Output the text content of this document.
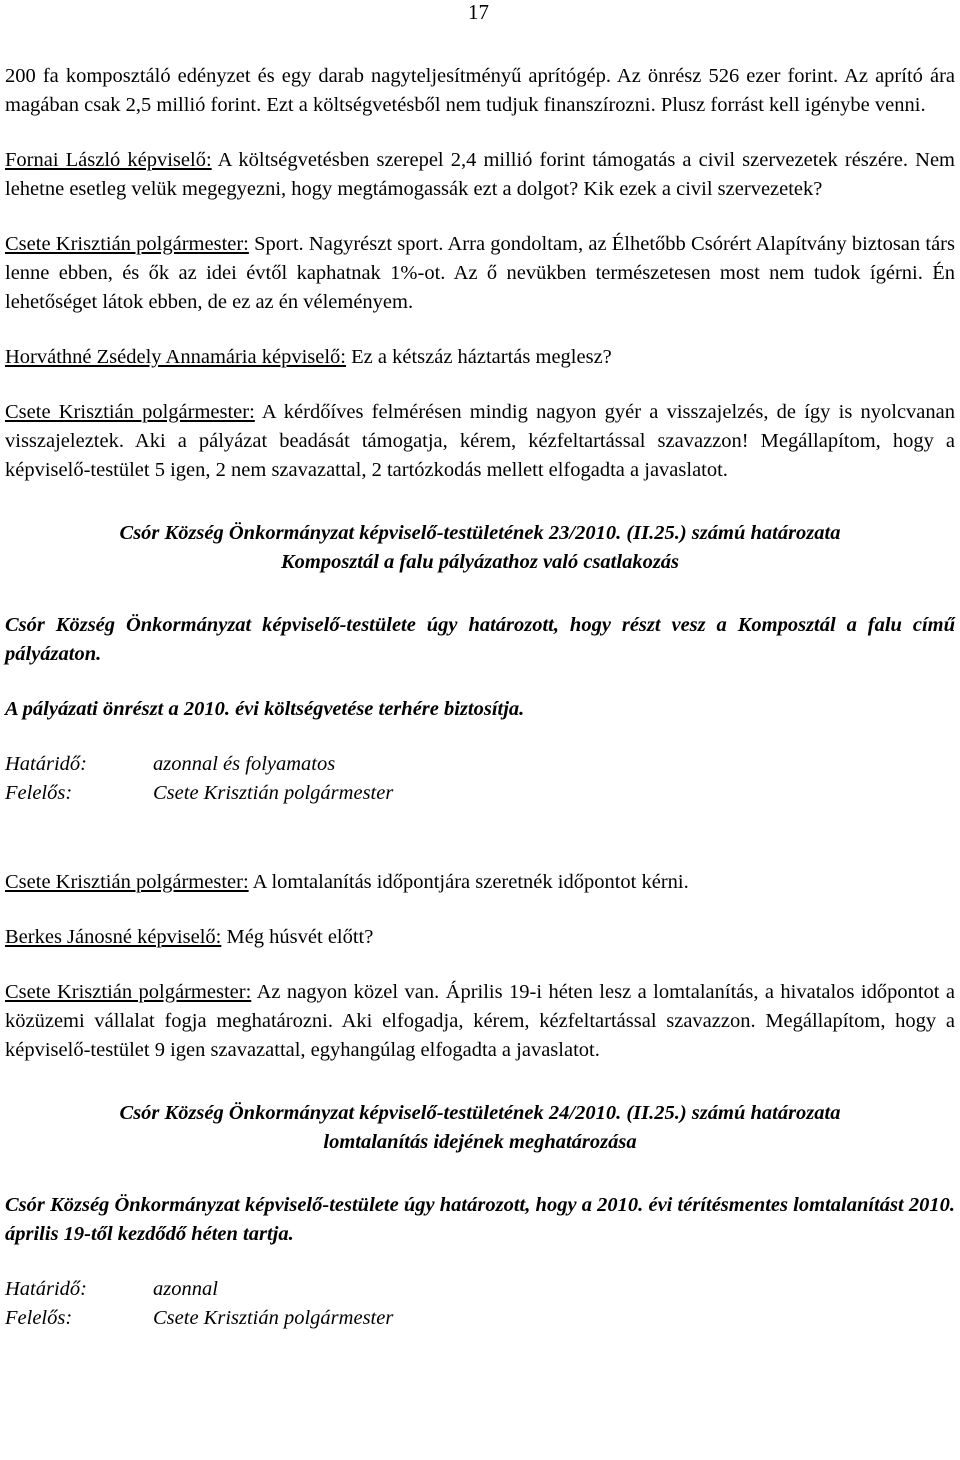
17

200 fa komposztáló edényzet és egy darab nagyteljesítményű aprítógép. Az önrész 526 ezer forint. Az aprító ára magában csak 2,5 millió forint. Ezt a költségvetésből nem tudjuk finanszírozni. Plusz forrást kell igénybe venni.

Fornai László képviselő: A költségvetésben szerepel 2,4 millió forint támogatás a civil szervezetek részére. Nem lehetne esetleg velük megegyezni, hogy megtámogassák ezt a dolgot? Kik ezek a civil szervezetek?

Csete Krisztián polgármester: Sport. Nagyrészt sport. Arra gondoltam, az Élhetőbb Csórért Alapítvány biztosan társ lenne ebben, és ők az idei évtől kaphatnak 1%-ot. Az ő nevükben természetesen most nem tudok ígérni. Én lehetőséget látok ebben, de ez az én véleményem.

Horváthné Zsédely Annamária képviselő: Ez a kétszáz háztartás meglesz?

Csete Krisztián polgármester: A kérdőíves felmérésen mindig nagyon gyér a visszajelzés, de így is nyolcvanan visszajeleztek. Aki a pályázat beadását támogatja, kérem, kézfeltartással szavazzon! Megállapítom, hogy a képviselő-testület 5 igen, 2 nem szavazattal, 2 tartózkodás mellett elfogadta a javaslatot.

Csór Község Önkormányzat képviselő-testületének 23/2010. (II.25.) számú határozata

Komposztál a falu pályázathoz való csatlakozás

Csór Község Önkormányzat képviselő-testülete úgy határozott, hogy részt vesz a Komposztál a falu című pályázaton.

A pályázati önrészt a 2010. évi költségvetése terhére biztosítja.

Határidő:	azonnal és folyamatos
Felelős:	Csete Krisztián polgármester

Csete Krisztián polgármester: A lomtalanítás időpontjára szeretnék időpontot kérni.

Berkes Jánosné képviselő: Még húsvét előtt?

Csete Krisztián polgármester: Az nagyon közel van. Április 19-i héten lesz a lomtalanítás, a hivatalos időpontot a közüzemi vállalat fogja meghatározni. Aki elfogadja, kérem, kézfeltartással szavazzon. Megállapítom, hogy a képviselő-testület 9 igen szavazattal, egyhangúlag elfogadta a javaslatot.

Csór Község Önkormányzat képviselő-testületének 24/2010. (II.25.) számú határozata

lomtalanítás idejének meghatározása

Csór Község Önkormányzat képviselő-testülete úgy határozott, hogy a 2010. évi térítésmentes lomtalanítást 2010. április 19-től kezdődő héten tartja.

Határidő:	azonnal
Felelős:	Csete Krisztián polgármester
